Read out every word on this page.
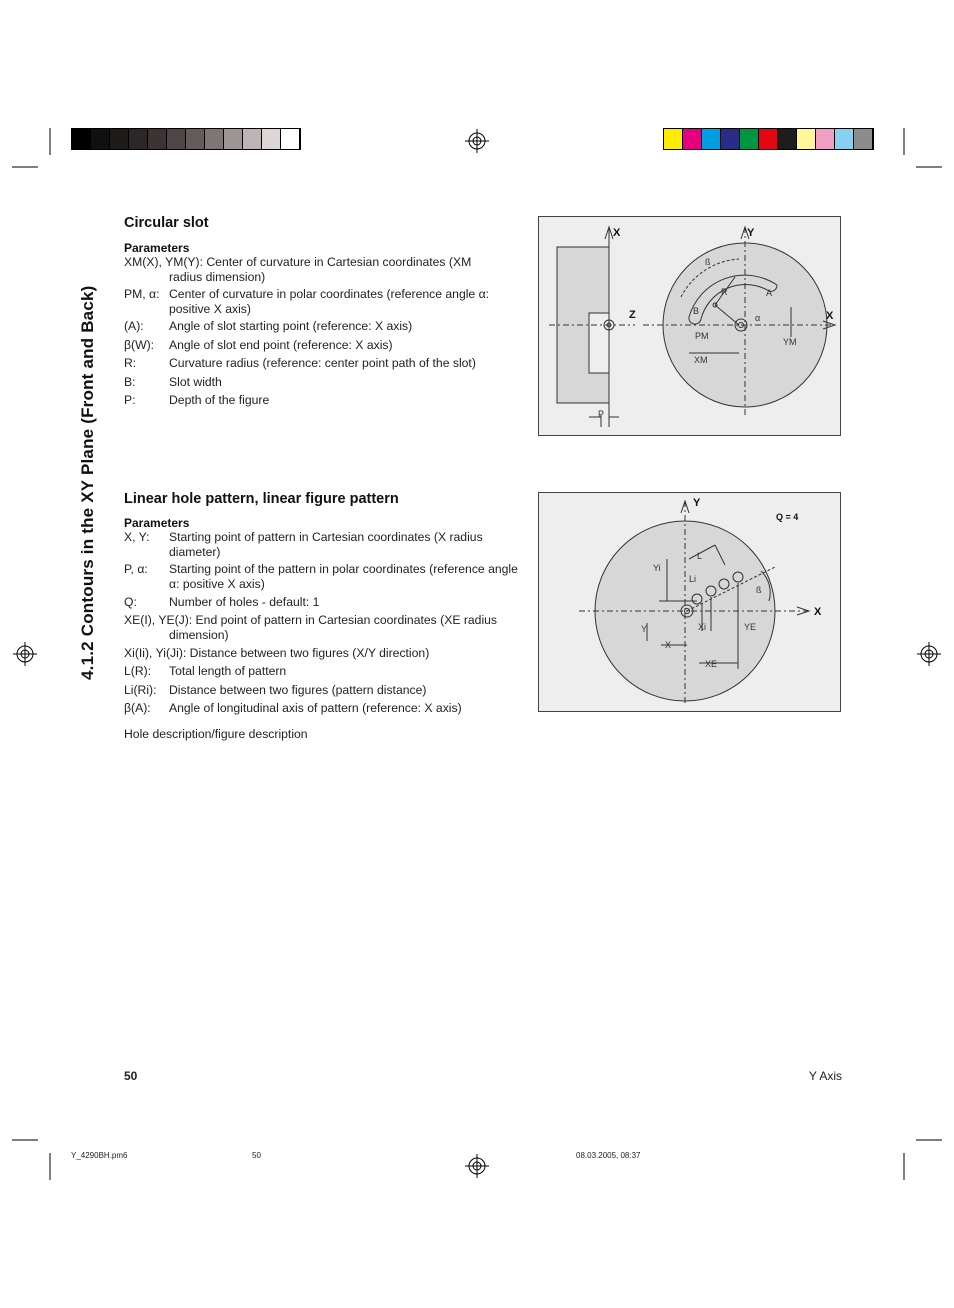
4.1.2 Contours in the XY Plane (Front and Back)
Circular slot
Parameters
XM(X), YM(Y): Center of curvature in Cartesian coordinates (XM
radius dimension)
PM, α: Center of curvature in polar coordinates (reference angle α: positive X axis)
(A): Angle of slot starting point (reference: X axis)
β(W): Angle of slot end point (reference: X axis)
R:	Curvature radius (reference: center point path of the slot)
B:	Slot width
P:	Depth of the figure
X
Z
Y
X
P
ß
R	A
B
α
PM
YM
XM
Linear hole pattern, linear figure pattern
Parameters
X, Y: Starting point of pattern in Cartesian coordinates (X radius diameter)
P, α: Starting point of the pattern in polar coordinates (reference angle α: positive X axis)
Q:	Number of holes - default: 1
XE(I), YE(J): End point of pattern in Cartesian coordinates (XE radius
dimension)
Xi(Ii), Yi(Ji): Distance between two figures (X/Y direction)
L(R): Total length of pattern
Li(Ri): Distance between two figures (pattern distance)
β(A): Angle of longitudinal axis of pattern (reference: X axis)
Hole description/figure description
Y
X
Q = 4
Yi
L
Li
ß
Y	Xi	YE
X
XE
50	Y Axis
Y_4290BH.pm6	50	08.03.2005, 08:37
